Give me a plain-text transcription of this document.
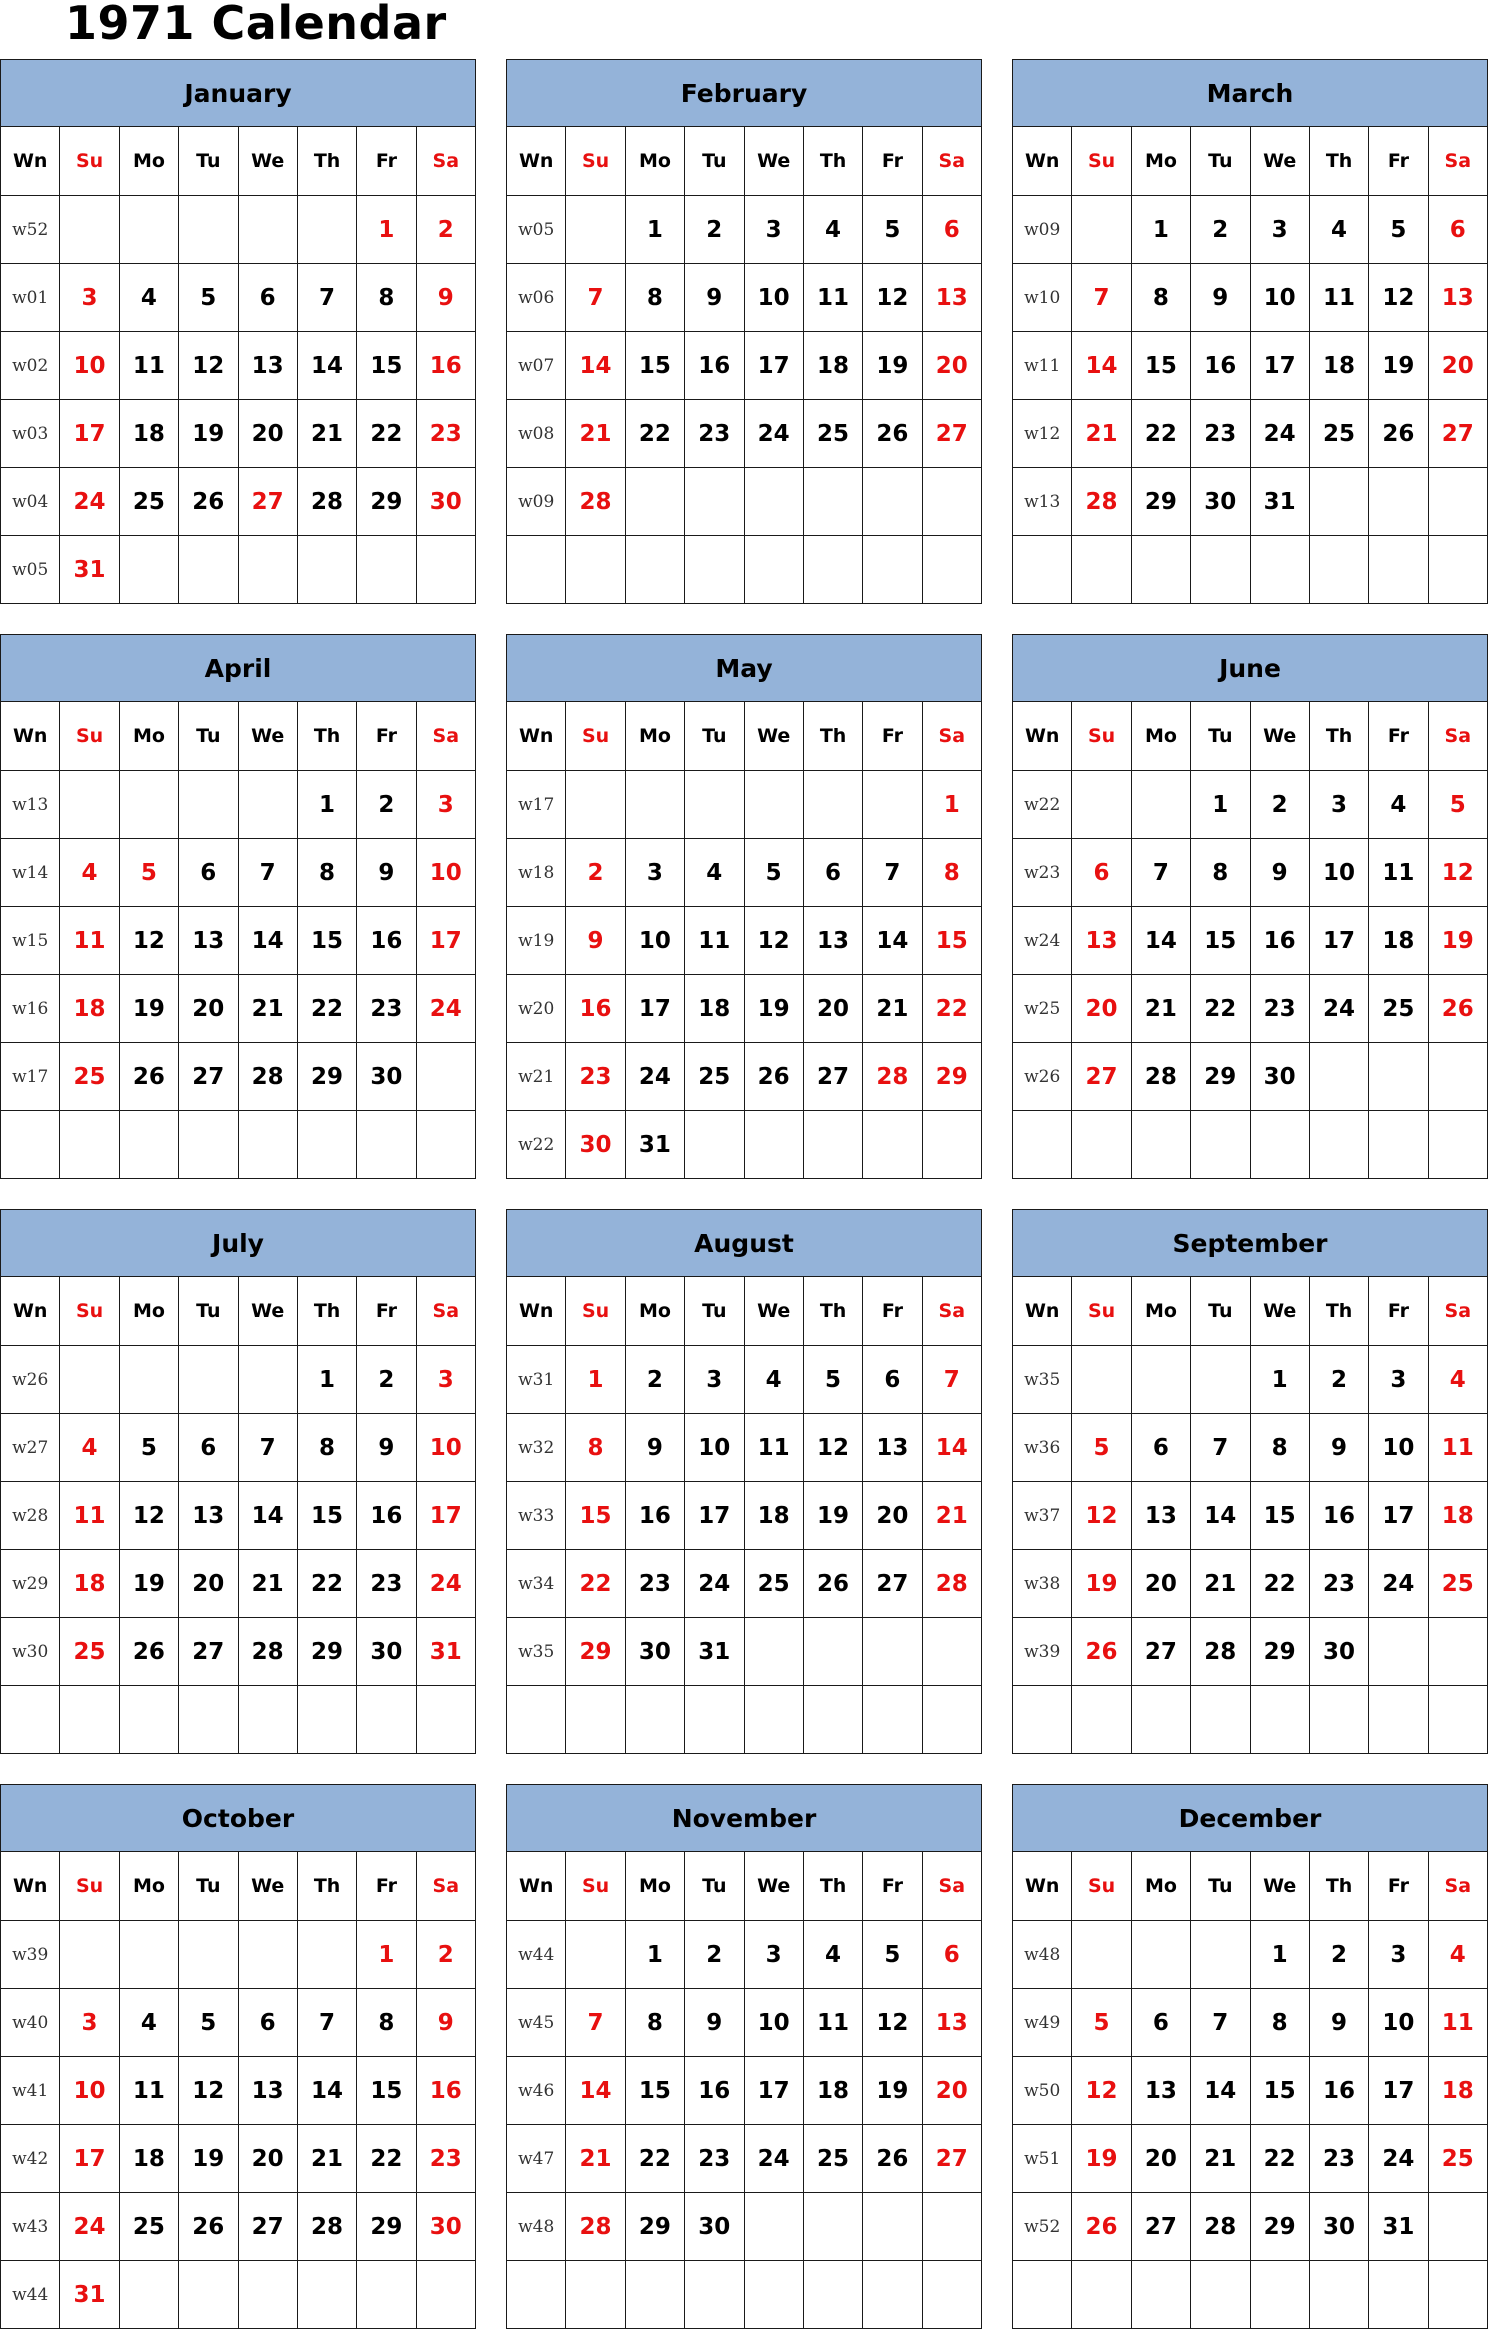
1971 Calendar
January							
Wn	Su	Mo	Tu	We	Th	Fr	Sa
w52						1	2
w01	3	4	5	6	7	8	9
w02	10	11	12	13	14	15	16
w03	17	18	19	20	21	22	23
w04	24	25	26	27	28	29	30
w05	31						
February							
Wn	Su	Mo	Tu	We	Th	Fr	Sa
w05		1	2	3	4	5	6
w06	7	8	9	10	11	12	13
w07	14	15	16	17	18	19	20
w08	21	22	23	24	25	26	27
w09	28						

March							
Wn	Su	Mo	Tu	We	Th	Fr	Sa
w09		1	2	3	4	5	6
w10	7	8	9	10	11	12	13
w11	14	15	16	17	18	19	20
w12	21	22	23	24	25	26	27
w13	28	29	30	31			

April							
Wn	Su	Mo	Tu	We	Th	Fr	Sa
w13					1	2	3
w14	4	5	6	7	8	9	10
w15	11	12	13	14	15	16	17
w16	18	19	20	21	22	23	24
w17	25	26	27	28	29	30	

May							
Wn	Su	Mo	Tu	We	Th	Fr	Sa
w17							1
w18	2	3	4	5	6	7	8
w19	9	10	11	12	13	14	15
w20	16	17	18	19	20	21	22
w21	23	24	25	26	27	28	29
w22	30	31					
June							
Wn	Su	Mo	Tu	We	Th	Fr	Sa
w22			1	2	3	4	5
w23	6	7	8	9	10	11	12
w24	13	14	15	16	17	18	19
w25	20	21	22	23	24	25	26
w26	27	28	29	30			

July							
Wn	Su	Mo	Tu	We	Th	Fr	Sa
w26					1	2	3
w27	4	5	6	7	8	9	10
w28	11	12	13	14	15	16	17
w29	18	19	20	21	22	23	24
w30	25	26	27	28	29	30	31

August							
Wn	Su	Mo	Tu	We	Th	Fr	Sa
w31	1	2	3	4	5	6	7
w32	8	9	10	11	12	13	14
w33	15	16	17	18	19	20	21
w34	22	23	24	25	26	27	28
w35	29	30	31				

September							
Wn	Su	Mo	Tu	We	Th	Fr	Sa
w35				1	2	3	4
w36	5	6	7	8	9	10	11
w37	12	13	14	15	16	17	18
w38	19	20	21	22	23	24	25
w39	26	27	28	29	30		

October							
Wn	Su	Mo	Tu	We	Th	Fr	Sa
w39						1	2
w40	3	4	5	6	7	8	9
w41	10	11	12	13	14	15	16
w42	17	18	19	20	21	22	23
w43	24	25	26	27	28	29	30
w44	31						
November							
Wn	Su	Mo	Tu	We	Th	Fr	Sa
w44		1	2	3	4	5	6
w45	7	8	9	10	11	12	13
w46	14	15	16	17	18	19	20
w47	21	22	23	24	25	26	27
w48	28	29	30				

December							
Wn	Su	Mo	Tu	We	Th	Fr	Sa
w48				1	2	3	4
w49	5	6	7	8	9	10	11
w50	12	13	14	15	16	17	18
w51	19	20	21	22	23	24	25
w52	26	27	28	29	30	31	
